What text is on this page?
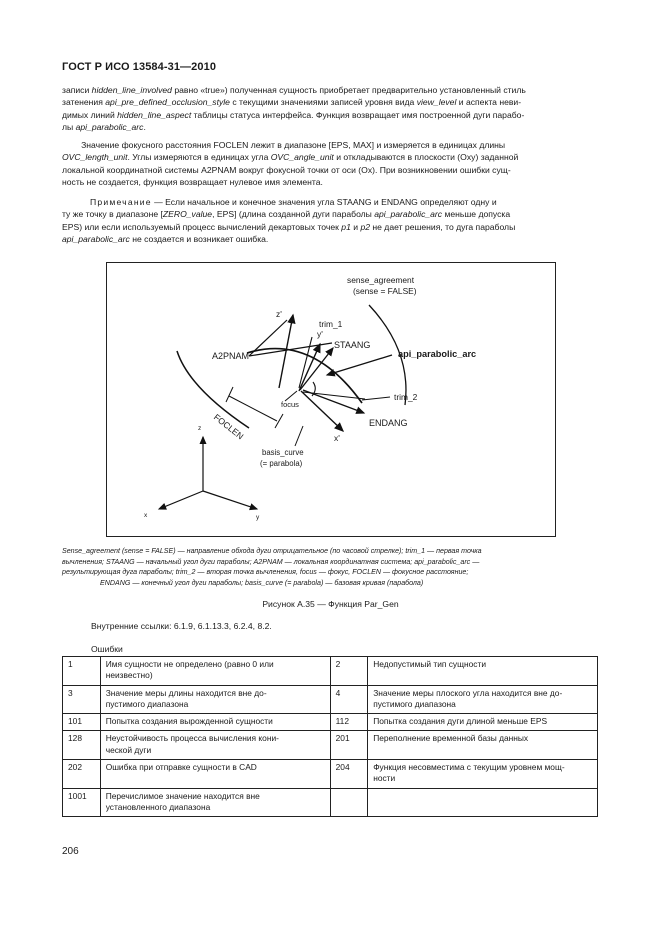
ГОСТ Р ИСО 13584-31—2010
записи hidden_line_involved равно «true») полученная сущность приобретает предварительно установленный стиль
затенения api_pre_defined_occlusion_style с текущими значениями записей уровня вида view_level и аспекта неви-
димых линий hidden_line_aspect таблицы статуса интерфейса. Функция возвращает имя построенной дуги парабо-
лы api_parabolic_arc.
Значение фокусного расстояния FOCLEN лежит в диапазоне [EPS, MAX] и измеряется в единицах длины
OVC_length_unit. Углы измеряются в единицах угла OVC_angle_unit и откладываются в плоскости (Oxy) заданной
локальной координатной системы A2PNAM вокруг фокусной точки от оси (Ox). При возникновении ошибки сущ-
ность не создается, функция возвращает нулевое имя элемента.
Примечание — Если начальное и конечное значения угла STAANG и ENDANG определяют одну и
ту же точку в диапазоне [ZERO_value, EPS] (длина созданной дуги параболы api_parabolic_arc меньше допуска
EPS) или если используемый процесс вычислений декартовых точек p1 и p2 не дает решения, то дуга параболы
api_parabolic_arc не создается и возникает ошибка.
sense_agreement
(sense = FALSE)
z'
trim_1
y'
STAANG
A2PNAM	api_parabolic_arc
trim_2
focus
ENDANG
FOCLEN	x'
basis_curve
(= parabola)
z
x	y
Sense_agreement (sense = FALSE) — направление обхода дуги отрицательное (по часовой стрелке); trim_1 — первая точка
вычленения; STAANG — начальный угол дуги параболы; A2PNAM — локальная координатная система; api_parabolic_arc —
результирующая дуга параболы; trim_2 — вторая точка вычленения, focus — фокус, FOCLEN — фокусное расстояние;
ENDANG — конечный угол дуги параболы; basis_curve (= parabola) — базовая кривая (парабола)
Рисунок А.35 — Функция Par_Gen
Внутренние ссылки: 6.1.9, 6.1.13.3, 6.2.4, 8.2.
Ошибки
1	Имя сущности не определено (равно 0 или
неизвестно)	2	Недопустимый тип сущности
3	Значение меры длины находится вне до-
пустимого диапазона	4	Значение меры плоского угла находится вне до-
пустимого диапазона
101	Попытка создания вырожденной сущности	112	Попытка создания дуги длиной меньше EPS
128	Неустойчивость процесса вычисления кони-
ческой дуги	201	Переполнение временной базы данных
202	Ошибка при отправке сущности в CAD	204	Функция несовместима с текущим уровнем мощ-
ности
1001	Перечислимое значение находится вне
установленного диапазона		
206
